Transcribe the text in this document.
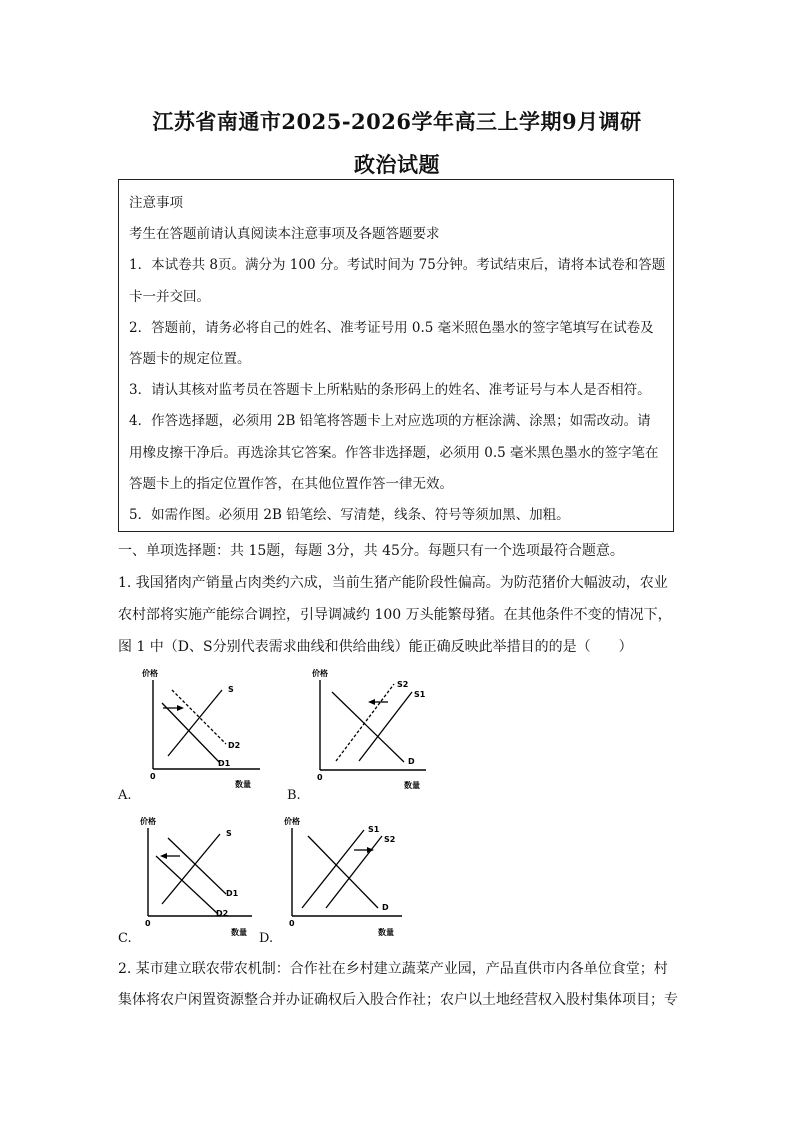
江苏省南通市2025-2026学年高三上学期9月调研
政治试题
注意事项
考生在答题前请认真阅读本注意事项及各题答题要求
1．本试卷共 8页。满分为 100 分。考试时间为 75分钟。考试结束后，请将本试卷和答题
卡一并交回。
2．答题前，请务必将自己的姓名、准考证号用 0.5 毫米照色墨水的签字笔填写在试卷及
答题卡的规定位置。
3．请认其核对监考员在答题卡上所粘贴的条形码上的姓名、准考证号与本人是否相符。
4．作答选择题，必须用 2B 铅笔将答题卡上对应选项的方框涂满、涂黑；如需改动。请
用橡皮擦干净后。再选涂其它答案。作答非选择题，必须用 0.5 毫米黑色墨水的签字笔在
答题卡上的指定位置作答，在其他位置作答一律无效。
5．如需作图。必须用 2B 铅笔绘、写清楚，线条、符号等须加黑、加粗。
一、单项选择题：共 15题，每题 3分，共 45分。每题只有一个选项最符合题意。
1. 我国猪肉产销量占肉类约六成，当前生猪产能阶段性偏高。为防范猪价大幅波动，农业
农村部将实施产能综合调控，引导调减约 100 万头能繁母猪。在其他条件不变的情况下，
图 1 中（D、S分别代表需求曲线和供给曲线）能正确反映此举措目的的是（　　）
价格
0
数量
S
D2
D1
A.
价格
0
数量
S2
S1
D
B.
价格
0
数量
S
D1
D2
C.
价格
0
数量
S1
S2
D
D.
2. 某市建立联农带农机制：合作社在乡村建立蔬菜产业园，产品直供市内各单位食堂；村
集体将农户闲置资源整合并办证确权后入股合作社；农户以土地经营权入股村集体项目；专
